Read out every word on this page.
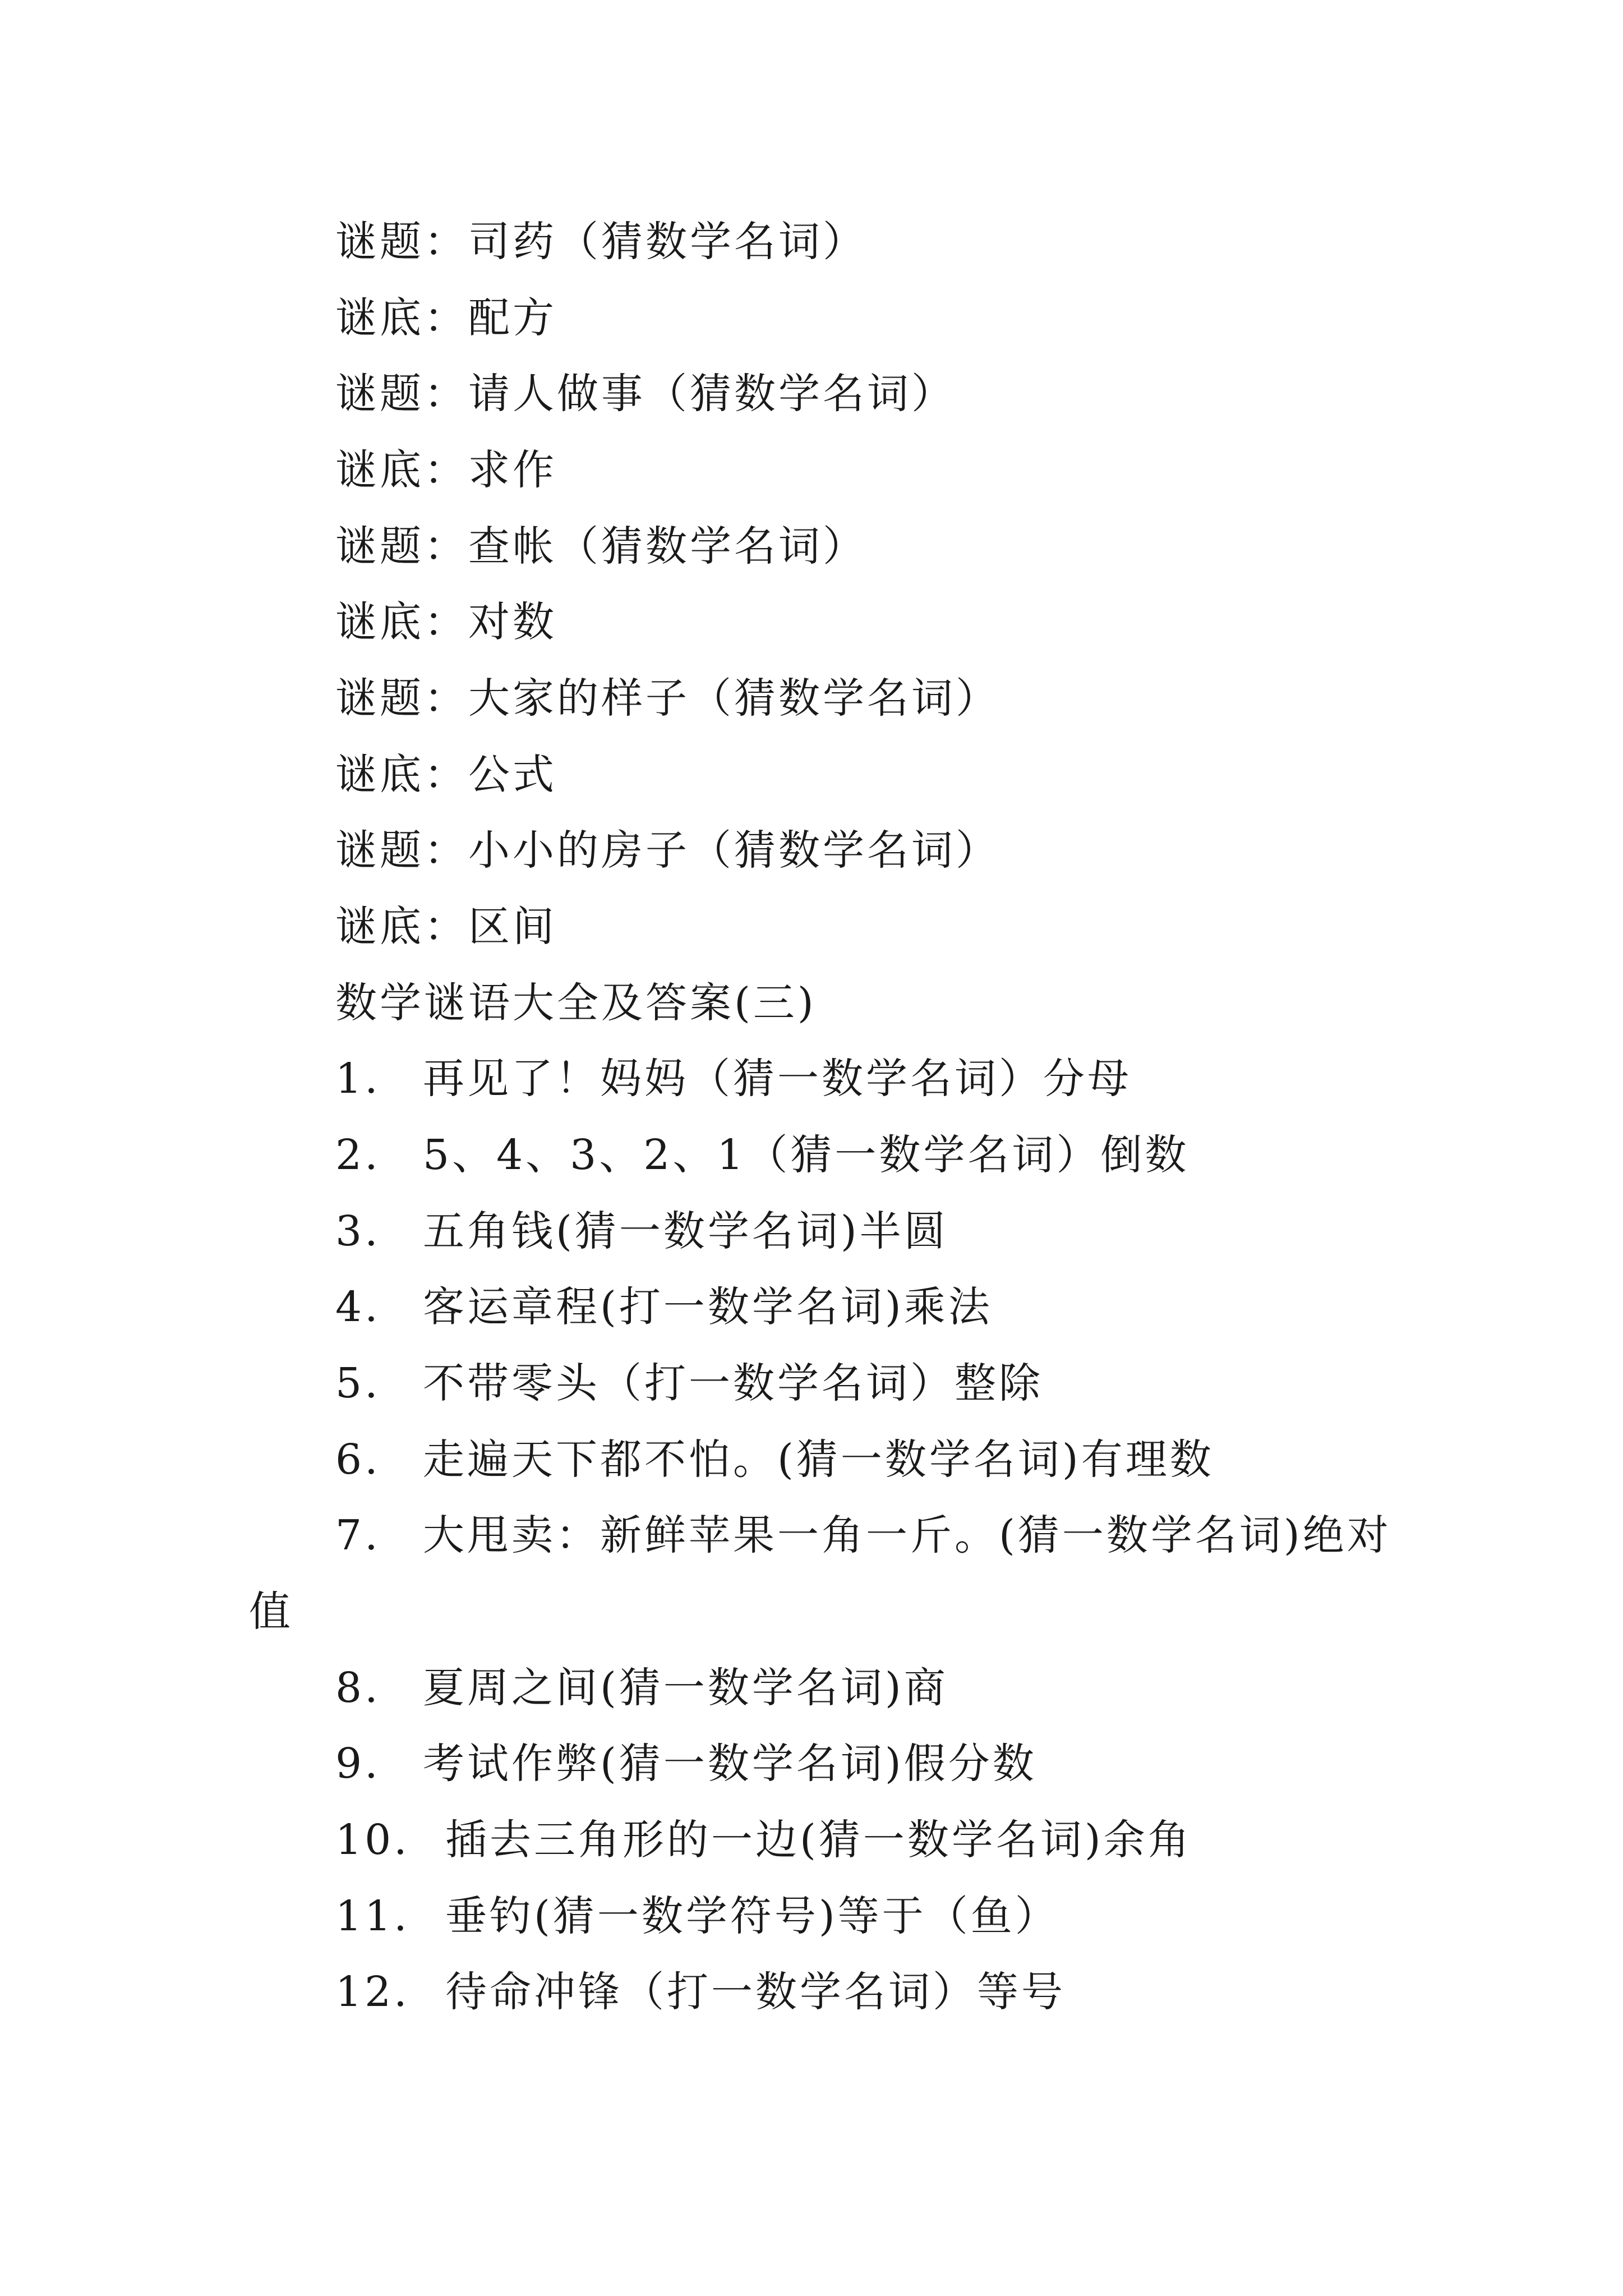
谜题：司药（猜数学名词）
谜底：配方
谜题：请人做事（猜数学名词）
谜底：求作
谜题：查帐（猜数学名词）
谜底：对数
谜题：大家的样子（猜数学名词）
谜底：公式
谜题：小小的房子（猜数学名词）
谜底：区间
数学谜语大全及答案(三)
1. 再见了！妈妈（猜一数学名词）分母
2. 5、4、3、2、1（猜一数学名词）倒数
3. 五角钱(猜一数学名词)半圆
4. 客运章程(打一数学名词)乘法
5. 不带零头（打一数学名词）整除
6. 走遍天下都不怕。(猜一数学名词)有理数
7. 大甩卖：新鲜苹果一角一斤。(猜一数学名词)绝对
值
8. 夏周之间(猜一数学名词)商
9. 考试作弊(猜一数学名词)假分数
10. 插去三角形的一边(猜一数学名词)余角
11. 垂钓(猜一数学符号)等于（鱼）
12. 待命冲锋（打一数学名词）等号
